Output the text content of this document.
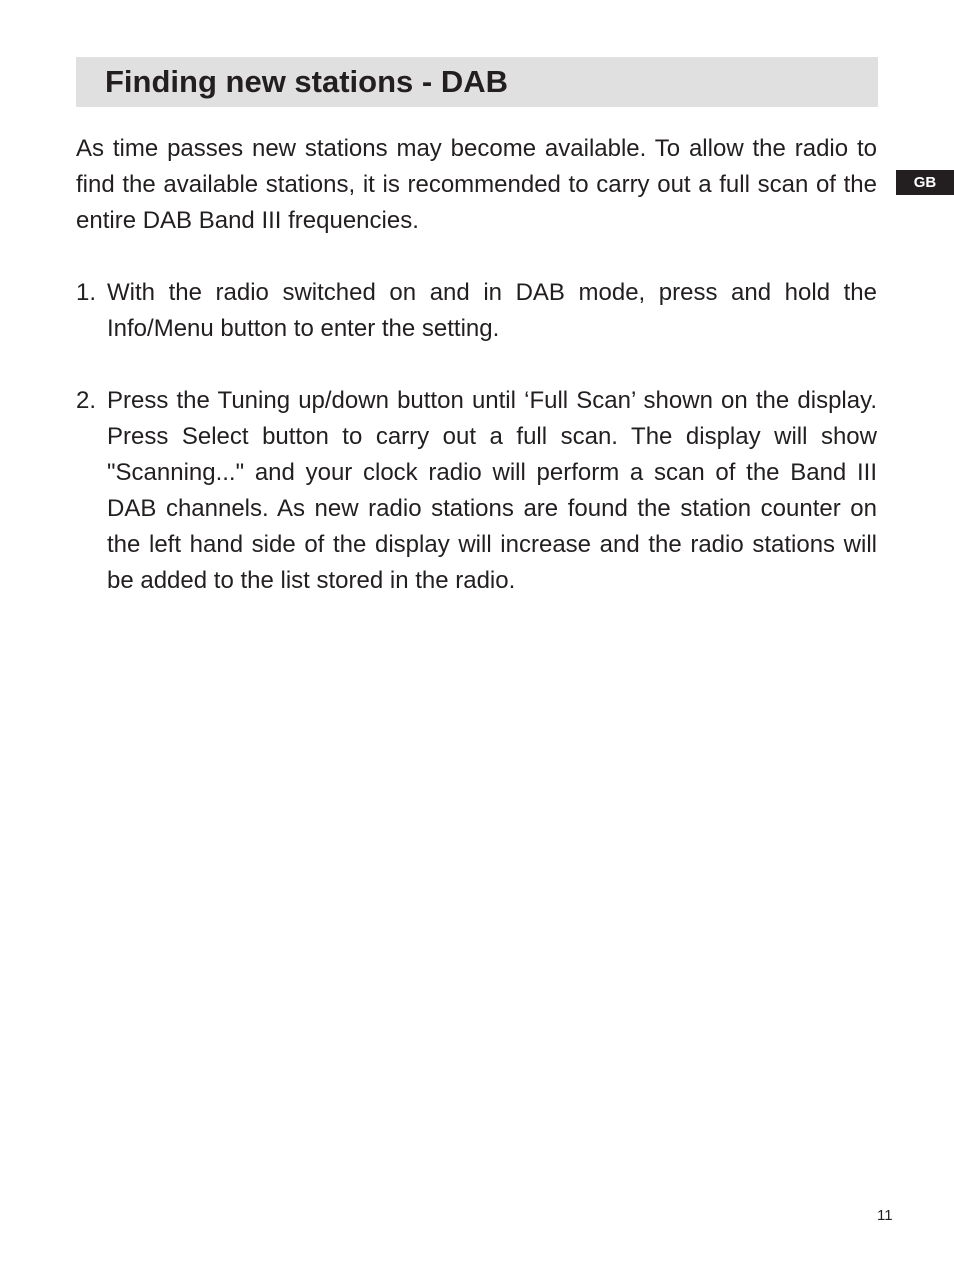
Finding new stations - DAB
GB

As time passes new stations may become available. To allow the radio to find the available stations, it is recommended to carry out a full scan of the entire DAB Band III frequencies.

1. With the radio switched on and in DAB mode, press and hold the Info/Menu button to enter the setting.
2. Press the Tuning up/down button until ‘Full Scan’ shown on the display. Press Select button to carry out a full scan. The display will show "Scanning..." and your clock radio will perform a scan of the Band III DAB channels. As new radio stations are found the station counter on the left hand side of the display will increase and the radio stations will be added to the list stored in the radio.
11
